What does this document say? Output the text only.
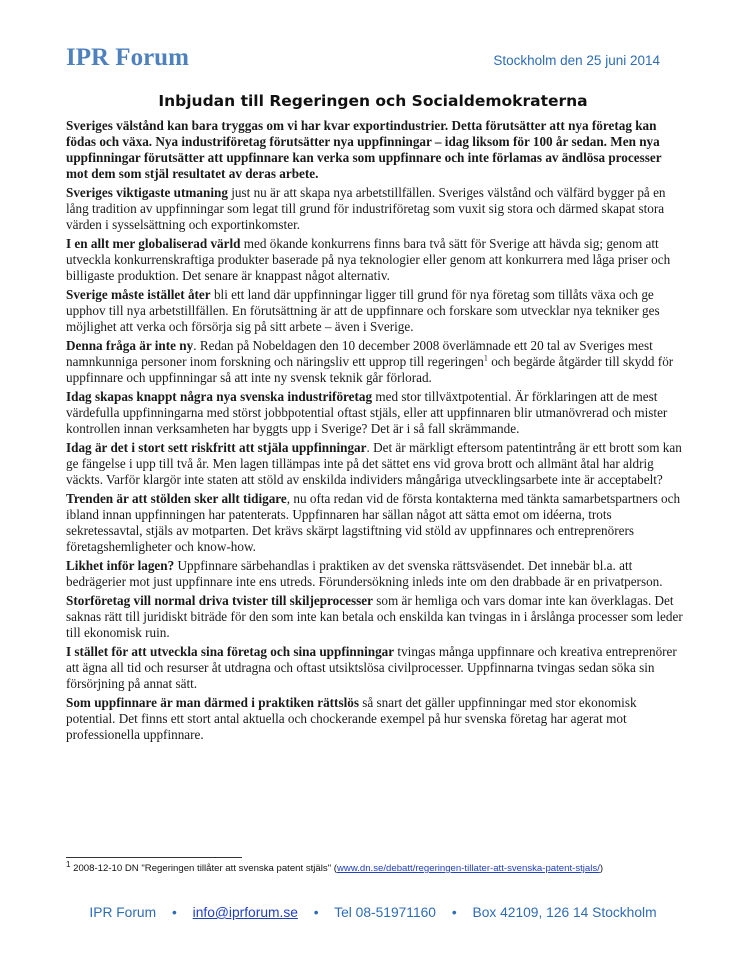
IPR Forum	Stockholm den 25 juni 2014
Inbjudan till Regeringen och Socialdemokraterna

Sveriges välstånd kan bara tryggas om vi har kvar exportindustrier. Detta förutsätter att nya företag kan födas och växa. Nya industriföretag förutsätter nya uppfinningar – idag liksom för 100 år sedan. Men nya uppfinningar förutsätter att uppfinnare kan verka som uppfinnare och inte förlamas av ändlösa processer mot dem som stjäl resultatet av deras arbete.

Sveriges viktigaste utmaning just nu är att skapa nya arbetstillfällen. Sveriges välstånd och välfärd bygger på en lång tradition av uppfinningar som legat till grund för industriföretag som vuxit sig stora och därmed skapat stora värden i sysselsättning och exportinkomster.

I en allt mer globaliserad värld med ökande konkurrens finns bara två sätt för Sverige att hävda sig; genom att utveckla konkurrenskraftiga produkter baserade på nya teknologier eller genom att konkurrera med låga priser och billigaste produktion. Det senare är knappast något alternativ.

Sverige måste istället åter bli ett land där uppfinningar ligger till grund för nya företag som tillåts växa och ge upphov till nya arbetstillfällen. En förutsättning är att de uppfinnare och forskare som utvecklar nya tekniker ges möjlighet att verka och försörja sig på sitt arbete – även i Sverige.

Denna fråga är inte ny. Redan på Nobeldagen den 10 december 2008 överlämnade ett 20 tal av Sveriges mest namnkunniga personer inom forskning och näringsliv ett upprop till regeringen$^1$ och begärde åtgärder till skydd för uppfinnare och uppfinningar så att inte ny svensk teknik går förlorad.

Idag skapas knappt några nya svenska industriföretag med stor tillväxtpotential. Är förklaringen att de mest värdefulla uppfinningarna med störst jobbpotential oftast stjäls, eller att uppfinnaren blir utmanövrerad och mister kontrollen innan verksamheten har byggts upp i Sverige? Det är i så fall skrämmande.

Idag är det i stort sett riskfritt att stjäla uppfinningar. Det är märkligt eftersom patentintrång är ett brott som kan ge fängelse i upp till två år. Men lagen tillämpas inte på det sättet ens vid grova brott och allmänt åtal har aldrig väckts. Varför klargör inte staten att stöld av enskilda individers mångåriga utvecklingsarbete inte är acceptabelt?

Trenden är att stölden sker allt tidigare, nu ofta redan vid de första kontakterna med tänkta samarbetspartners och ibland innan uppfinningen har patenterats. Uppfinnaren har sällan något att sätta emot om idéerna, trots sekretessavtal, stjäls av motparten. Det krävs skärpt lagstiftning vid stöld av uppfinnares och entreprenörers företagshemligheter och know-how.

Likhet inför lagen? Uppfinnare särbehandlas i praktiken av det svenska rättsväsendet. Det innebär bl.a. att bedrägerier mot just uppfinnare inte ens utreds. Förundersökning inleds inte om den drabbade är en privatperson.

Storföretag vill normal driva tvister till skiljeprocesser som är hemliga och vars domar inte kan överklagas. Det saknas rätt till juridiskt biträde för den som inte kan betala och enskilda kan tvingas in i årslånga processer som leder till ekonomisk ruin.

I stället för att utveckla sina företag och sina uppfinningar tvingas många uppfinnare och kreativa entreprenörer att ägna all tid och resurser åt utdragna och oftast utsiktslösa civilprocesser. Uppfinnarna tvingas sedan söka sin försörjning på annat sätt.

Som uppfinnare är man därmed i praktiken rättslös så snart det gäller uppfinningar med stor ekonomisk potential. Det finns ett stort antal aktuella och chockerande exempel på hur svenska företag har agerat mot professionella uppfinnare.

$^1$ 2008-12-10 DN "Regeringen tillåter att svenska patent stjäls" (www.dn.se/debatt/regeringen-tillater-att-svenska-patent-stjals/)
IPR Forum • info@iprforum.se • Tel 08-51971160 • Box 42109, 126 14 Stockholm
